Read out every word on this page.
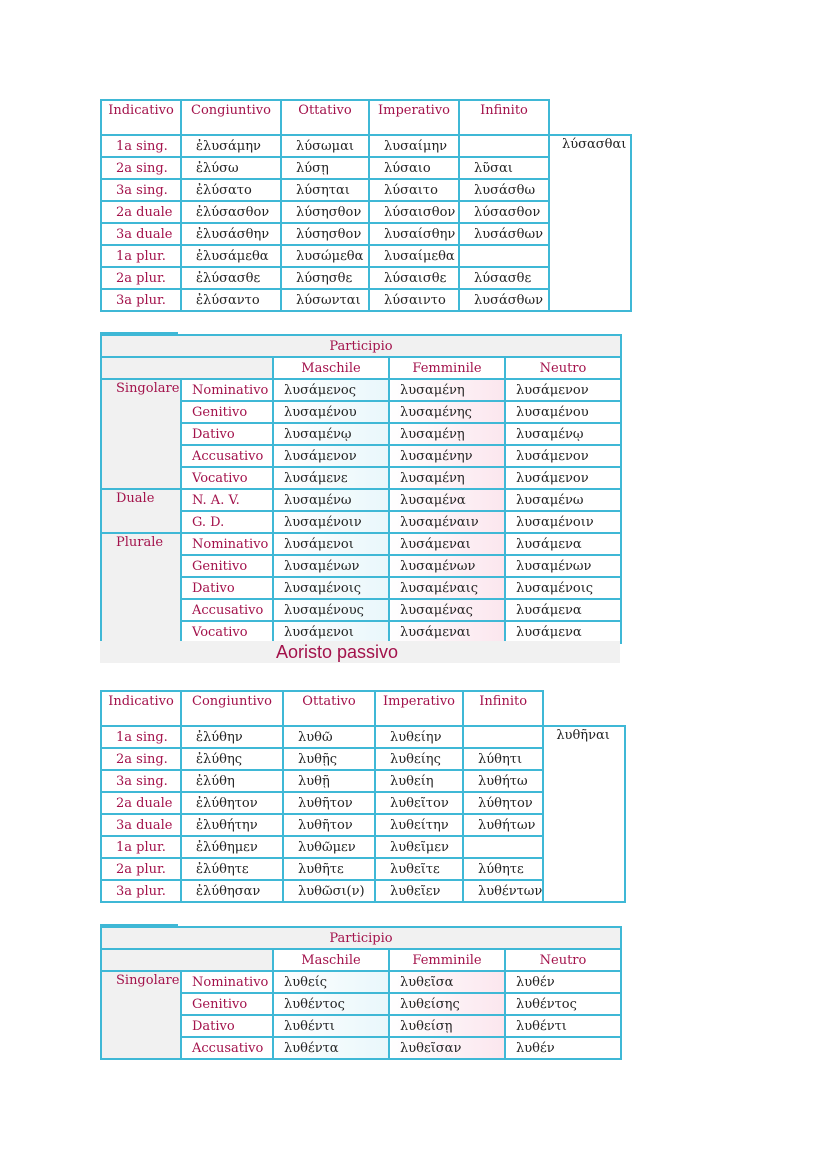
Indicativo	Congiuntivo	Ottativo	Imperativo	Infinito	
1a sing.	ἐλυσάμην	λύσωμαι	λυσαίμην		λύσασθαι
2a sing.	ἐλύσω	λύσῃ	λύσαιο	λῦσαι	
3a sing.	ἐλύσατο	λύσηται	λύσαιτο	λυσάσθω	
2a duale	ἐλύσασθον	λύσησθον	λύσαισθον	λύσασθον	
3a duale	ἐλυσάσθην	λύσησθον	λυσαίσθην	λυσάσθων	
1a plur.	ἐλυσάμεθα	λυσώμεθα	λυσαίμεθα		
2a plur.	ἐλύσασθε	λύσησθε	λύσαισθε	λύσασθε	
3a plur.	ἐλύσαντο	λύσωνται	λύσαιντο	λυσάσθων	
Participio				
		Maschile	Femminile	Neutro
Singolare	Nominativo	λυσάμενος	λυσαμένη	λυσάμενον
	Genitivo	λυσαμένου	λυσαμένης	λυσαμένου
	Dativo	λυσαμένῳ	λυσαμένῃ	λυσαμένῳ
	Accusativo	λυσάμενον	λυσαμένην	λυσάμενον
	Vocativo	λυσάμενε	λυσαμένη	λυσάμενον
Duale	N. A. V.	λυσαμένω	λυσαμένα	λυσαμένω
	G. D.	λυσαμένοιν	λυσαμέναιν	λυσαμένοιν
Plurale	Nominativo	λυσάμενοι	λυσάμεναι	λυσάμενα
	Genitivo	λυσαμένων	λυσαμένων	λυσαμένων
	Dativo	λυσαμένοις	λυσαμέναις	λυσαμένοις
	Accusativo	λυσαμένους	λυσαμένας	λυσάμενα
	Vocativo	λυσάμενοι	λυσάμεναι	λυσάμενα
Aoristo passivo
Indicativo	Congiuntivo	Ottativo	Imperativo	Infinito	
1a sing.	ἐλύθην	λυθῶ	λυθείην		λυθῆναι
2a sing.	ἐλύθης	λυθῇς	λυθείης	λύθητι	
3a sing.	ἐλύθη	λυθῇ	λυθείη	λυθήτω	
2a duale	ἐλύθητον	λυθῆτον	λυθεῖτον	λύθητον	
3a duale	ἐλυθήτην	λυθῆτον	λυθείτην	λυθήτων	
1a plur.	ἐλύθημεν	λυθῶμεν	λυθεῖμεν		
2a plur.	ἐλύθητε	λυθῆτε	λυθεῖτε	λύθητε	
3a plur.	ἐλύθησαν	λυθῶσι(ν)	λυθεῖεν	λυθέντων	
Participio				
		Maschile	Femminile	Neutro
Singolare	Nominativo	λυθείς	λυθεῖσα	λυθέν
	Genitivo	λυθέντος	λυθείσης	λυθέντος
	Dativo	λυθέντι	λυθείσῃ	λυθέντι
	Accusativo	λυθέντα	λυθεῖσαν	λυθέν
